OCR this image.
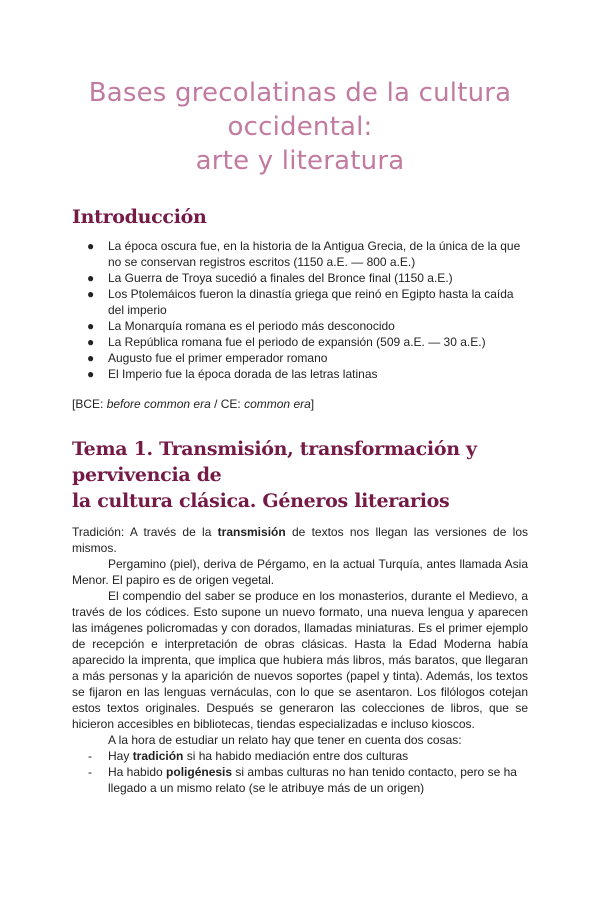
Bases grecolatinas de la cultura occidental:
arte y literatura
Introducción
● La época oscura fue, en la historia de la Antigua Grecia, de la única de la que no se conservan registros escritos (1150 a.E. — 800 a.E.)
● La Guerra de Troya sucedió a finales del Bronce final (1150 a.E.)
● Los Ptolemáicos fueron la dinastía griega que reinó en Egipto hasta la caída del imperio
● La Monarquía romana es el periodo más desconocido
● La República romana fue el periodo de expansión (509 a.E. — 30 a.E.)
● Augusto fue el primer emperador romano
● El Imperio fue la época dorada de las letras latinas

[BCE: before common era / CE: common era]

Tema 1. Transmisión, transformación y pervivencia de
la cultura clásica. Géneros literarios

Tradición: A través de la transmisión de textos nos llegan las versiones de los mismos.

Pergamino (piel), deriva de Pérgamo, en la actual Turquía, antes llamada Asia Menor. El papiro es de origen vegetal.

El compendio del saber se produce en los monasterios, durante el Medievo, a través de los códices. Esto supone un nuevo formato, una nueva lengua y aparecen las imágenes policromadas y con dorados, llamadas miniaturas. Es el primer ejemplo de recepción e interpretación de obras clásicas. Hasta la Edad Moderna había aparecido la imprenta, que implica que hubiera más libros, más baratos, que llegaran a más personas y la aparición de nuevos soportes (papel y tinta). Además, los textos se fijaron en las lenguas vernáculas, con lo que se asentaron. Los filólogos cotejan estos textos originales. Después se generaron las colecciones de libros, que se hicieron accesibles en bibliotecas, tiendas especializadas e incluso kioscos.

A la hora de estudiar un relato hay que tener en cuenta dos cosas:

- Hay tradición si ha habido mediación entre dos culturas
- Ha habido poligénesis si ambas culturas no han tenido contacto, pero se ha llegado a un mismo relato (se le atribuye más de un origen)
